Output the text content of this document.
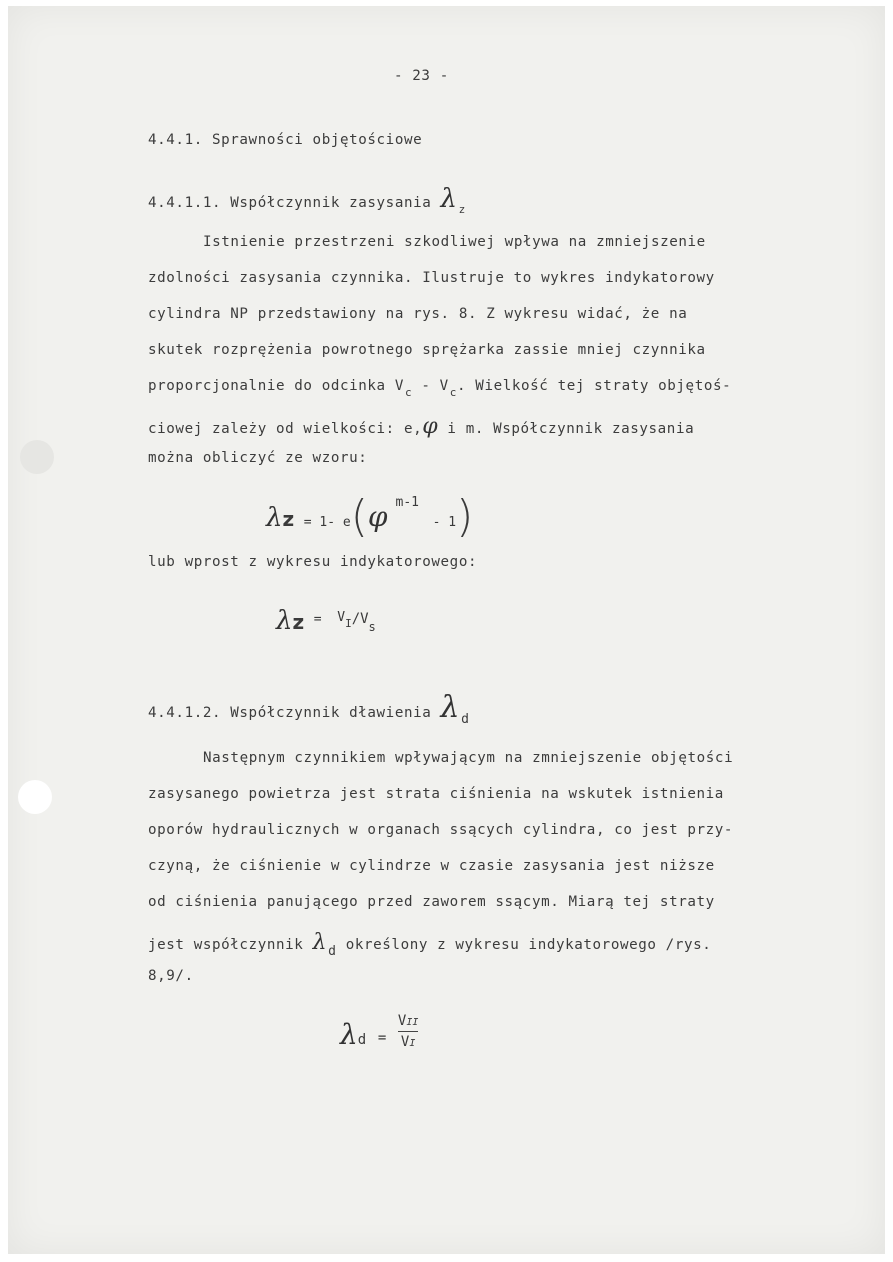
- 23 -
4.4.1. Sprawności objętościowe
4.4.1.1. Współczynnik zasysania $\lambda_z$
Istnienie przestrzeni szkodliwej wpływa na zmniejszenie
zdolności zasysania czynnika. Ilustruje to wykres indykatorowy
cylindra NP przedstawiony na rys. 8. Z wykresu widać, że na
skutek rozprężenia powrotnego sprężarka zassie mniej czynnika
proporcjonalnie do odcinka $V_c - V_c$. Wielkość tej straty objętoś-
ciowej zależy od wielkości: e,φ i m. Współczynnik zasysania
można obliczyć ze wzoru:
λz = 1- e(φ $^{m-1}$ - 1)
lub wprost z wykresu indykatorowego:
λz = $^V$I/Vs
4.4.1.2. Współczynnik dławienia λd
Następnym czynnikiem wpływającym na zmniejszenie objętości
zasysanego powietrza jest strata ciśnienia na wskutek istnienia
oporów hydraulicznych w organach ssących cylindra, co jest przy-
czyną, że ciśnienie w cylindrze w czasie zasysania jest niższe
od ciśnienia panującego przed zaworem ssącym. Miarą tej straty
jest współczynnik λd określony z wykresu indykatorowego /rys.
8,9/.
$\lambda d = \frac{\text{VII}}{VI}$
